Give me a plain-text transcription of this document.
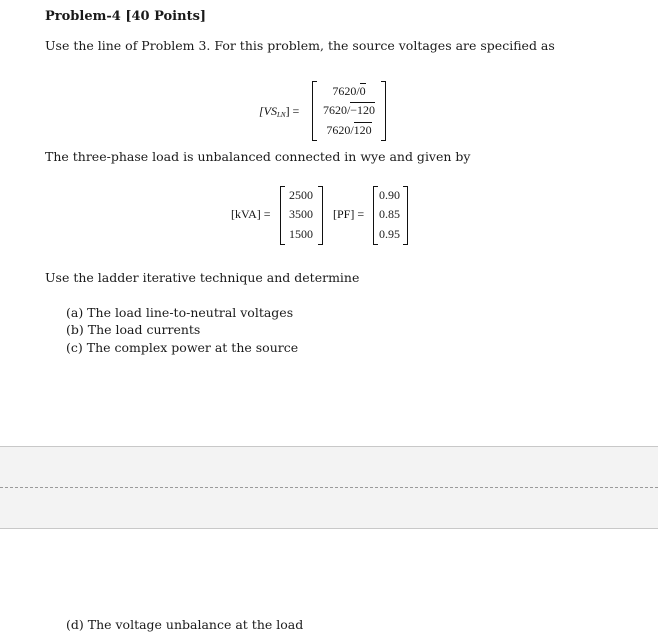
Problem-4 [40 Points]
Use the line of Problem 3. For this problem, the source voltages are specified as
$[VS_{LN}]$ =
7620/0
7620/−120
7620/120
The three-phase load is unbalanced connected in wye and given by
[kVA] =
2500
3500
1500
[PF] =
0.90
0.85
0.95
Use the ladder iterative technique and determine
(a) The load line-to-neutral voltages
(b) The load currents
(c) The complex power at the source
(d) The voltage unbalance at the load
